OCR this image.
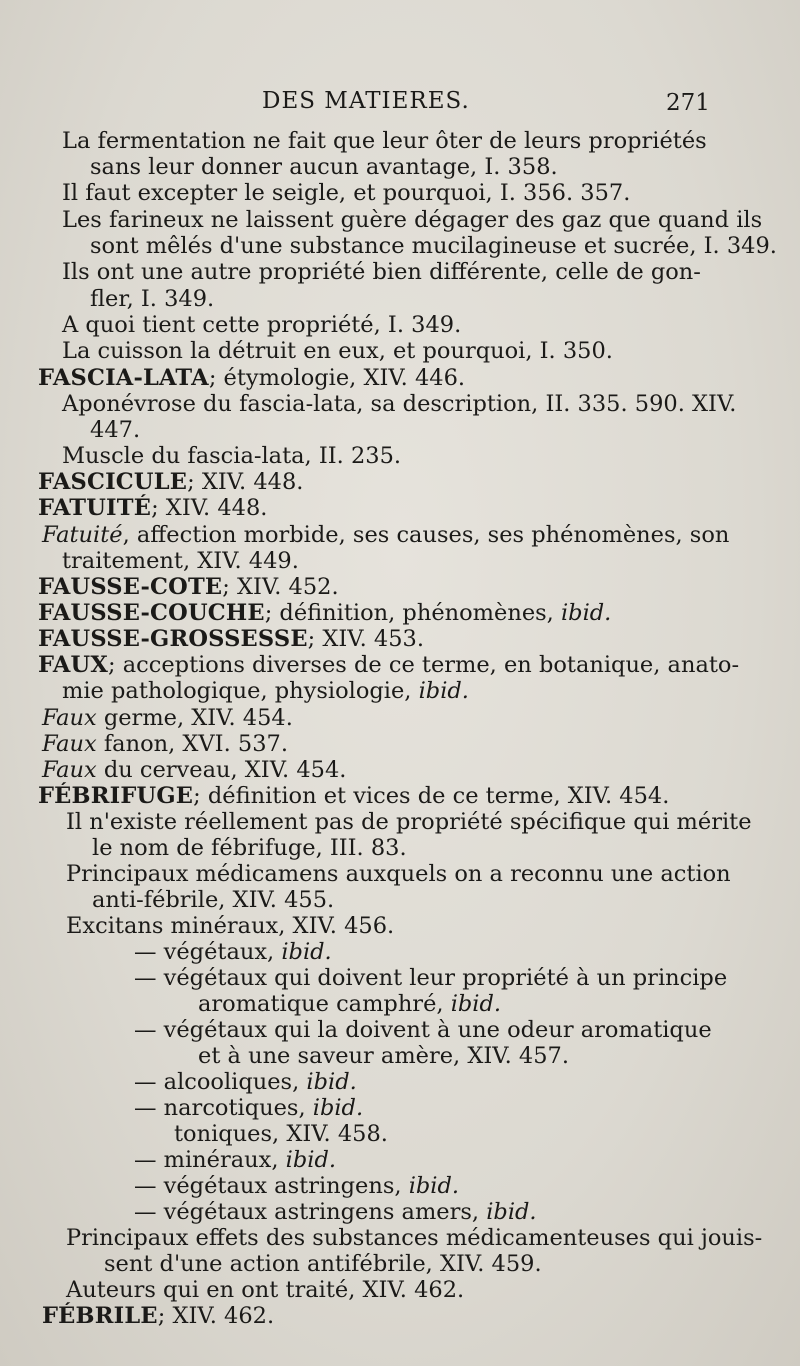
DES MATIERES.	271
La fermentation ne fait que leur ôter de leurs propriétés
sans leur donner aucun avantage, I. 358.
Il faut excepter le seigle, et pourquoi, I. 356. 357.
Les farineux ne laissent guère dégager des gaz que quand ils
sont mêlés d'une substance mucilagineuse et sucrée, I. 349.
Ils ont une autre propriété bien différente, celle de gon-
fler, I. 349.
A quoi tient cette propriété, I. 349.
La cuisson la détruit en eux, et pourquoi, I. 350.
FASCIA-LATA; étymologie, XIV. 446.
Aponévrose du fascia-lata, sa description, II. 335. 590. XIV.
447.
Muscle du fascia-lata, II. 235.
FASCICULE; XIV. 448.
FATUITÉ; XIV. 448.
Fatuité, affection morbide, ses causes, ses phénomènes, son
traitement, XIV. 449.
FAUSSE-COTE; XIV. 452.
FAUSSE-COUCHE; définition, phénomènes, ibid.
FAUSSE-GROSSESSE; XIV. 453.
FAUX; acceptions diverses de ce terme, en botanique, anato-
mie pathologique, physiologie, ibid.
Faux germe, XIV. 454.
Faux fanon, XVI. 537.
Faux du cerveau, XIV. 454.
FÉBRIFUGE; définition et vices de ce terme, XIV. 454.
Il n'existe réellement pas de propriété spécifique qui mérite
le nom de fébrifuge, III. 83.
Principaux médicamens auxquels on a reconnu une action
anti-fébrile, XIV. 455.
Excitans minéraux, XIV. 456.
— végétaux, ibid.
— végétaux qui doivent leur propriété à un principe
aromatique camphré, ibid.
— végétaux qui la doivent à une odeur aromatique
et à une saveur amère, XIV. 457.
— alcooliques, ibid.
— narcotiques, ibid.
toniques, XIV. 458.
— minéraux, ibid.
— végétaux astringens, ibid.
— végétaux astringens amers, ibid.
Principaux effets des substances médicamenteuses qui jouis-
sent d'une action antifébrile, XIV. 459.
Auteurs qui en ont traité, XIV. 462.
FÉBRILE; XIV. 462.
